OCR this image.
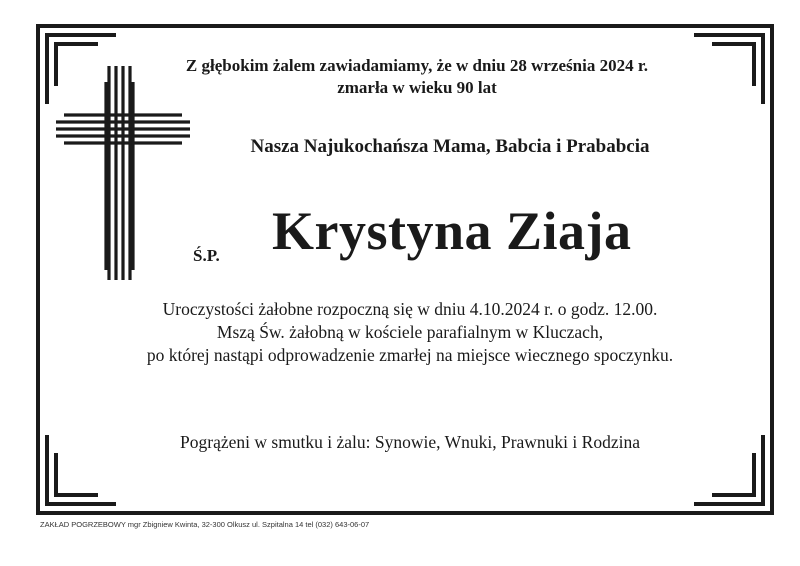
Z głębokim żalem zawiadamiamy, że w dniu 28 września 2024 r.
zmarła w wieku 90 lat
Nasza Najukochańsza Mama, Babcia i Prababcia
Ś.P. Krystyna Ziaja
Uroczystości żałobne rozpoczną się w dniu 4.10.2024 r. o godz. 12.00.
Mszą Św. żałobną w kościele parafialnym w Kluczach,
po której nastąpi odprowadzenie zmarłej na miejsce wiecznego spoczynku.
Pogrążeni w smutku i żalu: Synowie, Wnuki, Prawnuki i Rodzina
ZAKŁAD POGRZEBOWY mgr Zbigniew Kwinta, 32-300 Olkusz ul. Szpitalna 14 tel (032) 643-06-07
